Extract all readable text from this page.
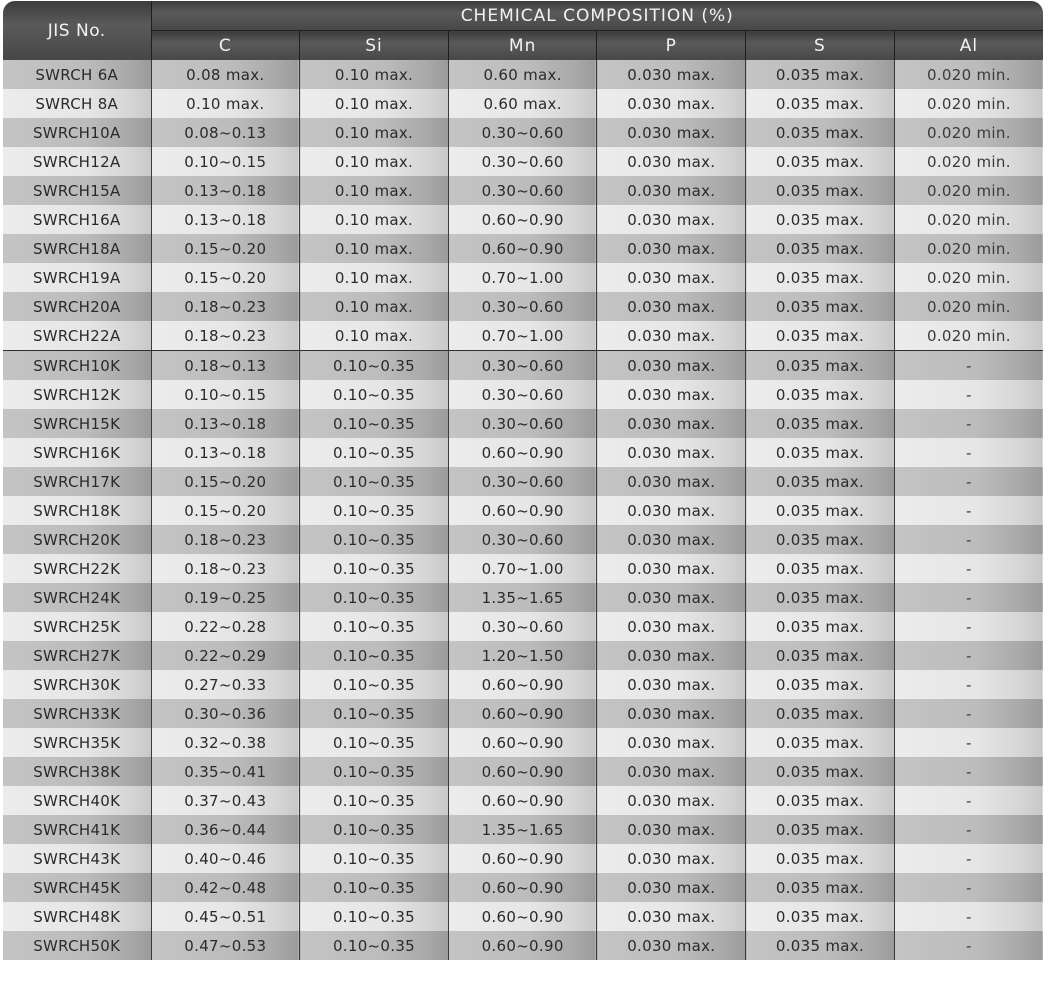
JIS No.	CHEMICAL COMPOSITION (%)					
	C	Si	Mn	P	S	Al
SWRCH 6A	0.08 max.	0.10 max.	0.60 max.	0.030 max.	0.035 max.	0.020 min.
SWRCH 8A	0.10 max.	0.10 max.	0.60 max.	0.030 max.	0.035 max.	0.020 min.
SWRCH10A	0.08~0.13	0.10 max.	0.30~0.60	0.030 max.	0.035 max.	0.020 min.
SWRCH12A	0.10~0.15	0.10 max.	0.30~0.60	0.030 max.	0.035 max.	0.020 min.
SWRCH15A	0.13~0.18	0.10 max.	0.30~0.60	0.030 max.	0.035 max.	0.020 min.
SWRCH16A	0.13~0.18	0.10 max.	0.60~0.90	0.030 max.	0.035 max.	0.020 min.
SWRCH18A	0.15~0.20	0.10 max.	0.60~0.90	0.030 max.	0.035 max.	0.020 min.
SWRCH19A	0.15~0.20	0.10 max.	0.70~1.00	0.030 max.	0.035 max.	0.020 min.
SWRCH20A	0.18~0.23	0.10 max.	0.30~0.60	0.030 max.	0.035 max.	0.020 min.
SWRCH22A	0.18~0.23	0.10 max.	0.70~1.00	0.030 max.	0.035 max.	0.020 min.
SWRCH10K	0.18~0.13	0.10~0.35	0.30~0.60	0.030 max.	0.035 max.	-
SWRCH12K	0.10~0.15	0.10~0.35	0.30~0.60	0.030 max.	0.035 max.	-
SWRCH15K	0.13~0.18	0.10~0.35	0.30~0.60	0.030 max.	0.035 max.	-
SWRCH16K	0.13~0.18	0.10~0.35	0.60~0.90	0.030 max.	0.035 max.	-
SWRCH17K	0.15~0.20	0.10~0.35	0.30~0.60	0.030 max.	0.035 max.	-
SWRCH18K	0.15~0.20	0.10~0.35	0.60~0.90	0.030 max.	0.035 max.	-
SWRCH20K	0.18~0.23	0.10~0.35	0.30~0.60	0.030 max.	0.035 max.	-
SWRCH22K	0.18~0.23	0.10~0.35	0.70~1.00	0.030 max.	0.035 max.	-
SWRCH24K	0.19~0.25	0.10~0.35	1.35~1.65	0.030 max.	0.035 max.	-
SWRCH25K	0.22~0.28	0.10~0.35	0.30~0.60	0.030 max.	0.035 max.	-
SWRCH27K	0.22~0.29	0.10~0.35	1.20~1.50	0.030 max.	0.035 max.	-
SWRCH30K	0.27~0.33	0.10~0.35	0.60~0.90	0.030 max.	0.035 max.	-
SWRCH33K	0.30~0.36	0.10~0.35	0.60~0.90	0.030 max.	0.035 max.	-
SWRCH35K	0.32~0.38	0.10~0.35	0.60~0.90	0.030 max.	0.035 max.	-
SWRCH38K	0.35~0.41	0.10~0.35	0.60~0.90	0.030 max.	0.035 max.	-
SWRCH40K	0.37~0.43	0.10~0.35	0.60~0.90	0.030 max.	0.035 max.	-
SWRCH41K	0.36~0.44	0.10~0.35	1.35~1.65	0.030 max.	0.035 max.	-
SWRCH43K	0.40~0.46	0.10~0.35	0.60~0.90	0.030 max.	0.035 max.	-
SWRCH45K	0.42~0.48	0.10~0.35	0.60~0.90	0.030 max.	0.035 max.	-
SWRCH48K	0.45~0.51	0.10~0.35	0.60~0.90	0.030 max.	0.035 max.	-
SWRCH50K	0.47~0.53	0.10~0.35	0.60~0.90	0.030 max.	0.035 max.	-
